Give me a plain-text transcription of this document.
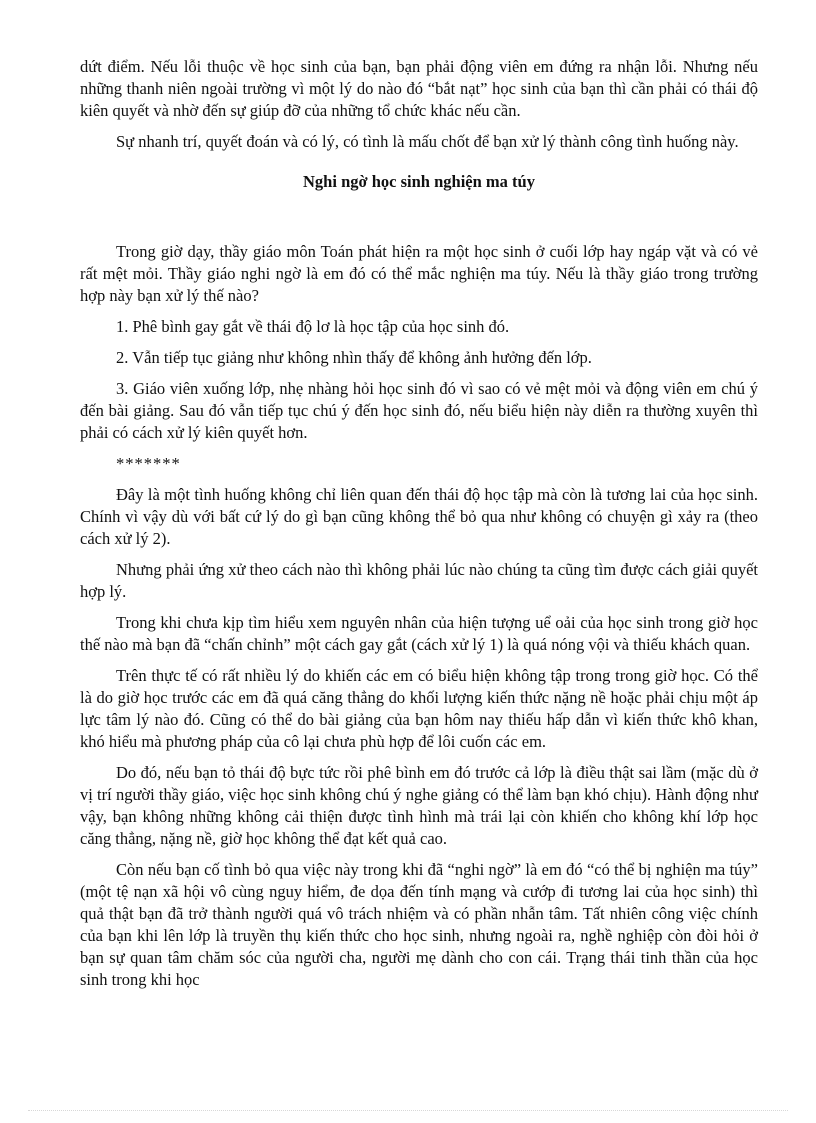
dứt điểm. Nếu lỗi thuộc về học sinh của bạn, bạn phải động viên em đứng ra nhận lỗi. Nhưng nếu những thanh niên ngoài trường vì một lý do nào đó “bắt nạt” học sinh của bạn thì cần phải có thái độ kiên quyết và nhờ đến sự giúp đỡ của những tổ chức khác nếu cần.

Sự nhanh trí, quyết đoán và có lý, có tình là mấu chốt để bạn xử lý thành công tình huống này.

Nghi ngờ học sinh nghiện ma túy

Trong giờ dạy, thầy giáo môn Toán phát hiện ra một học sinh ở cuối lớp hay ngáp vặt và có vẻ rất mệt mỏi. Thầy giáo nghi ngờ là em đó có thể mắc nghiện ma túy. Nếu là thầy giáo trong trường hợp này bạn xử lý thế nào?

1. Phê bình gay gắt về thái độ lơ là học tập của học sinh đó.

2. Vẫn tiếp tục giảng như không nhìn thấy để không ảnh hưởng đến lớp.

3. Giáo viên xuống lớp, nhẹ nhàng hỏi học sinh đó vì sao có vẻ mệt mỏi và động viên em chú ý đến bài giảng. Sau đó vẫn tiếp tục chú ý đến học sinh đó, nếu biểu hiện này diễn ra thường xuyên thì phải có cách xử lý kiên quyết hơn.

*******

Đây là một tình huống không chỉ liên quan đến thái độ học tập mà còn là tương lai của học sinh. Chính vì vậy dù với bất cứ lý do gì bạn cũng không thể bỏ qua như không có chuyện gì xảy ra (theo cách xử lý 2).

Nhưng phải ứng xử theo cách nào thì không phải lúc nào chúng ta cũng tìm được cách giải quyết hợp lý.

Trong khi chưa kịp tìm hiểu xem nguyên nhân của hiện tượng uể oải của học sinh trong giờ học thế nào mà bạn đã “chấn chỉnh” một cách gay gắt (cách xử lý 1) là quá nóng vội và thiếu khách quan.

Trên thực tế có rất nhiều lý do khiến các em có biểu hiện không tập trong trong giờ học. Có thể là do giờ học trước các em đã quá căng thẳng do khối lượng kiến thức nặng nề hoặc phải chịu một áp lực tâm lý nào đó. Cũng có thể do bài giảng của bạn hôm nay thiếu hấp dẫn vì kiến thức khô khan, khó hiểu mà phương pháp của cô lại chưa phù hợp để lôi cuốn các em.

Do đó, nếu bạn tỏ thái độ bực tức rồi phê bình em đó trước cả lớp là điều thật sai lầm (mặc dù ở vị trí người thầy giáo, việc học sinh không chú ý nghe giảng có thể làm bạn khó chịu). Hành động như vậy, bạn không những không cải thiện được tình hình mà trái lại còn khiến cho không khí lớp học căng thẳng, nặng nề, giờ học không thể đạt kết quả cao.

Còn nếu bạn cố tình bỏ qua việc này trong khi đã “nghi ngờ” là em đó “có thể bị nghiện ma túy” (một tệ nạn xã hội vô cùng nguy hiểm, đe dọa đến tính mạng và cướp đi tương lai của học sinh) thì quả thật bạn đã trở thành người quá vô trách nhiệm và có phần nhẫn tâm. Tất nhiên công việc chính của bạn khi lên lớp là truyền thụ kiến thức cho học sinh, nhưng ngoài ra, nghề nghiệp còn đòi hỏi ở bạn sự quan tâm chăm sóc của người cha, người mẹ dành cho con cái. Trạng thái tinh thần của học sinh trong khi học
